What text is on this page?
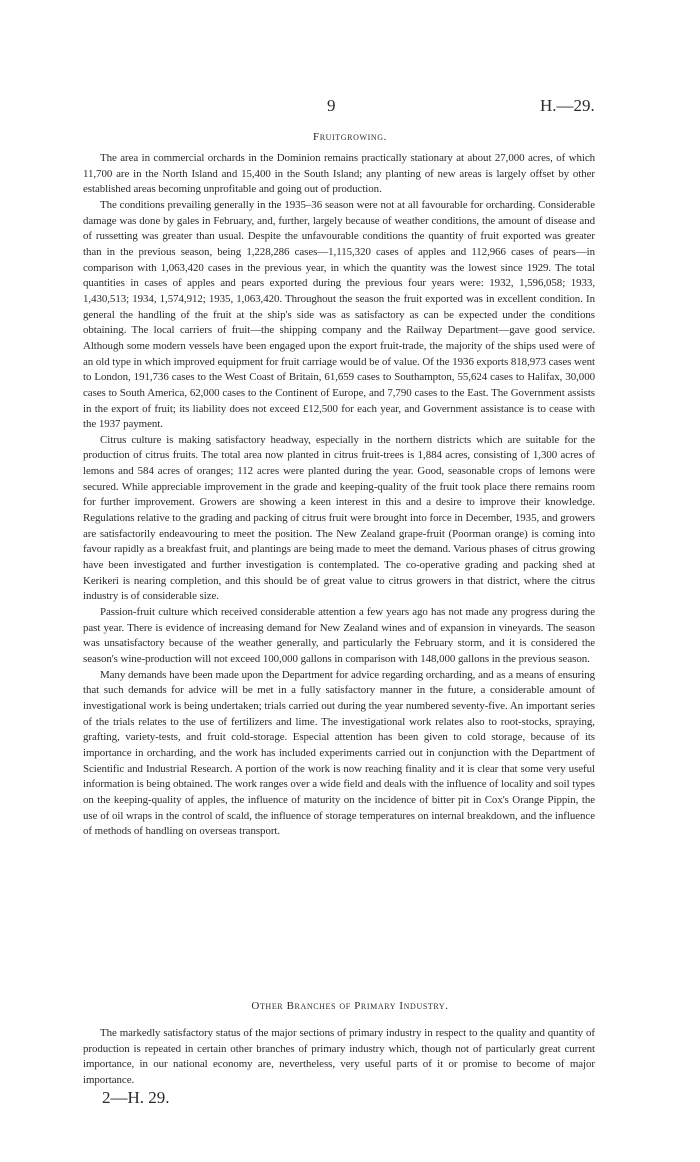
9	H.—29.
Fruitgrowing.

The area in commercial orchards in the Dominion remains practically stationary at about 27,000 acres, of which 11,700 are in the North Island and 15,400 in the South Island; any planting of new areas is largely offset by other established areas becoming unprofitable and going out of production.

The conditions prevailing generally in the 1935–36 season were not at all favourable for orcharding. Considerable damage was done by gales in February, and, further, largely because of weather conditions, the amount of disease and of russetting was greater than usual. Despite the unfavourable conditions the quantity of fruit exported was greater than in the previous season, being 1,228,286 cases—1,115,320 cases of apples and 112,966 cases of pears—in comparison with 1,063,420 cases in the previous year, in which the quantity was the lowest since 1929. The total quantities in cases of apples and pears exported during the previous four years were: 1932, 1,596,058; 1933, 1,430,513; 1934, 1,574,912; 1935, 1,063,420. Throughout the season the fruit exported was in excellent condition. In general the handling of the fruit at the ship's side was as satisfactory as can be expected under the conditions obtaining. The local carriers of fruit—the shipping company and the Railway Department—gave good service. Although some modern vessels have been engaged upon the export fruit-trade, the majority of the ships used were of an old type in which improved equipment for fruit carriage would be of value. Of the 1936 exports 818,973 cases went to London, 191,736 cases to the West Coast of Britain, 61,659 cases to Southampton, 55,624 cases to Halifax, 30,000 cases to South America, 62,000 cases to the Continent of Europe, and 7,790 cases to the East. The Government assists in the export of fruit; its liability does not exceed £12,500 for each year, and Government assistance is to cease with the 1937 payment.

Citrus culture is making satisfactory headway, especially in the northern districts which are suitable for the production of citrus fruits. The total area now planted in citrus fruit-trees is 1,884 acres, consisting of 1,300 acres of lemons and 584 acres of oranges; 112 acres were planted during the year. Good, seasonable crops of lemons were secured. While appreciable improvement in the grade and keeping-quality of the fruit took place there remains room for further improvement. Growers are showing a keen interest in this and a desire to improve their knowledge. Regulations relative to the grading and packing of citrus fruit were brought into force in December, 1935, and growers are satisfactorily endeavouring to meet the position. The New Zealand grape-fruit (Poorman orange) is coming into favour rapidly as a breakfast fruit, and plantings are being made to meet the demand. Various phases of citrus growing have been investigated and further investigation is contemplated. The co-operative grading and packing shed at Kerikeri is nearing completion, and this should be of great value to citrus growers in that district, where the citrus industry is of considerable size.

Passion-fruit culture which received considerable attention a few years ago has not made any progress during the past year. There is evidence of increasing demand for New Zealand wines and of expansion in vineyards. The season was unsatisfactory because of the weather generally, and particularly the February storm, and it is considered the season's wine-production will not exceed 100,000 gallons in comparison with 148,000 gallons in the previous season.

Many demands have been made upon the Department for advice regarding orcharding, and as a means of ensuring that such demands for advice will be met in a fully satisfactory manner in the future, a considerable amount of investigational work is being undertaken; trials carried out during the year numbered seventy-five. An important series of the trials relates to the use of fertilizers and lime. The investigational work relates also to root-stocks, spraying, grafting, variety-tests, and fruit cold-storage. Especial attention has been given to cold storage, because of its importance in orcharding, and the work has included experiments carried out in conjunction with the Department of Scientific and Industrial Research. A portion of the work is now reaching finality and it is clear that some very useful information is being obtained. The work ranges over a wide field and deals with the influence of locality and soil types on the keeping-quality of apples, the influence of maturity on the incidence of bitter pit in Cox's Orange Pippin, the use of oil wraps in the control of scald, the influence of storage temperatures on internal breakdown, and the influence of methods of handling on overseas transport.

Other Branches of Primary Industry.

The markedly satisfactory status of the major sections of primary industry in respect to the quality and quantity of production is repeated in certain other branches of primary industry which, though not of particularly great current importance, in our national economy are, nevertheless, very useful parts of it or promise to become of major importance.

2—H. 29.
